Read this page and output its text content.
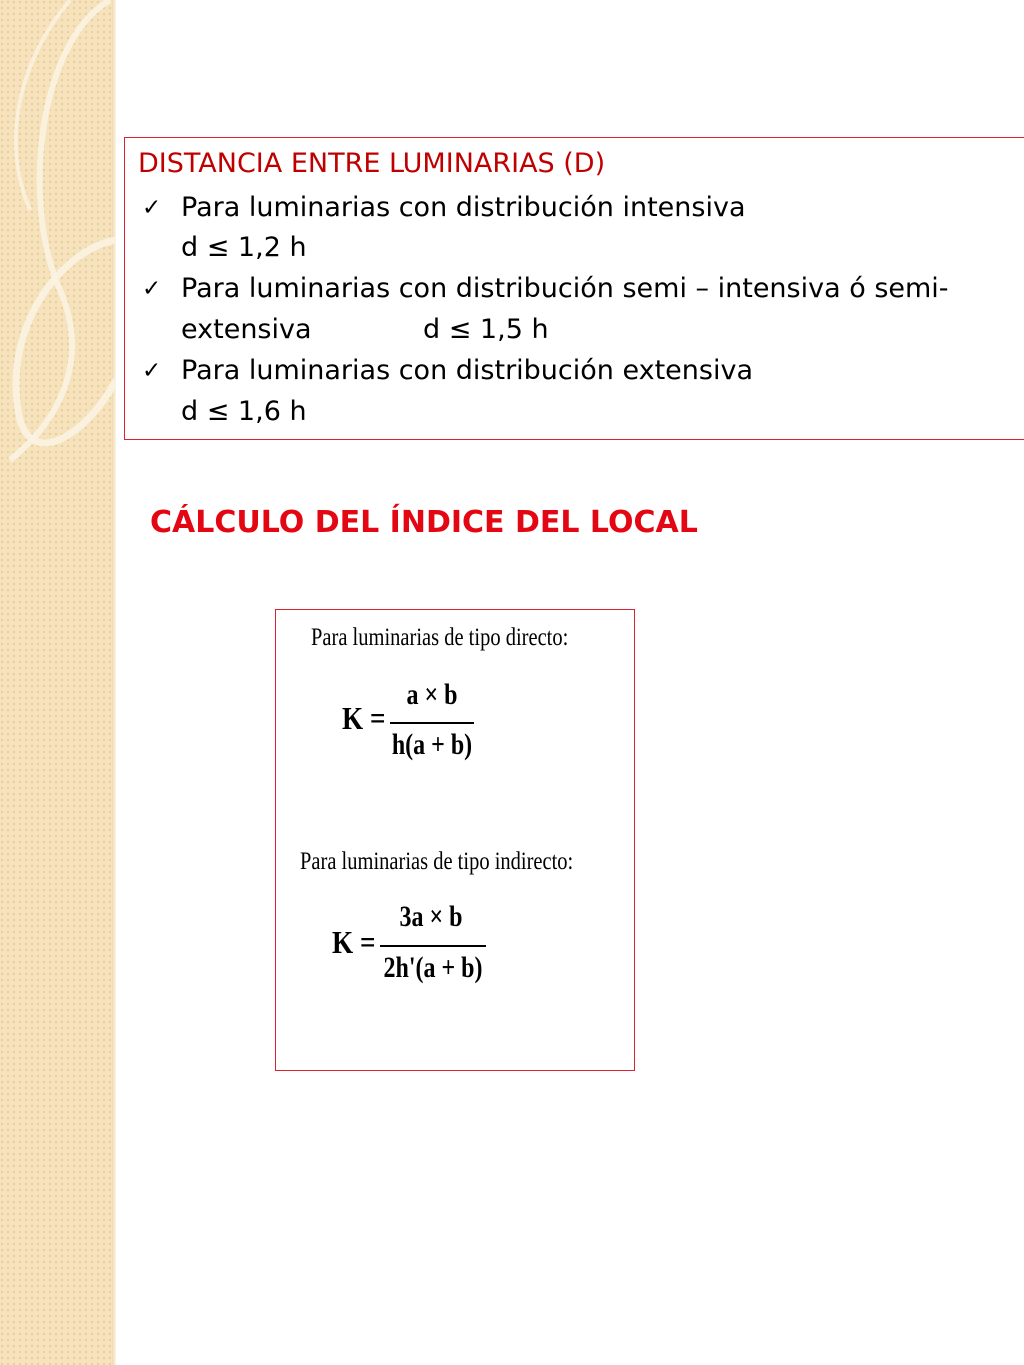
DISTANCIA ENTRE LUMINARIAS (D)
✓ Para luminarias con distribución intensiva
d ≤ 1,2 h
✓ Para luminarias con distribución semi – intensiva ó semi-
extensiva	d ≤ 1,5 h
✓ Para luminarias con distribución extensiva
d ≤ 1,6 h
CÁLCULO DEL ÍNDICE DEL LOCAL
Para luminarias de tipo directo:
K =
a × b
h(a + b)
Para luminarias de tipo indirecto:
K =
3a × b
2h'(a + b)
